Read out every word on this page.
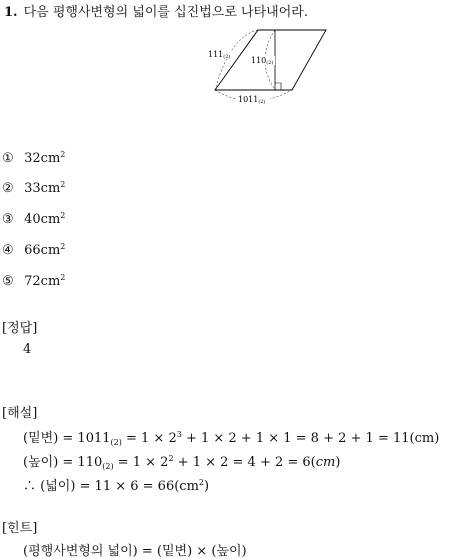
1. 다음 평행사변형의 넓이를 십진법으로 나타내어라.
111(2)	110(2)
1011(2)
① $32cm^2$
② $33cm^2$
③ $40cm^2$
④ $66cm^2$
⑤ $72cm^2$
[정답]
4
[해설]
(밑변) = $1011_{(2)} = 1 \times 2^3 + 1 \times 2 + 1 \times 1 = 8 + 2 + 1 = 11(cm)$
(높이) = $110_{(2)} = 1 \times 2^2 + 1 \times 2 = 4 + 2 = 6(cm)$
∴ (넓이) = $11 \times 6 = 66(cm^2)$
[힌트]
(평행사변형의 넓이) = (밑변) × (높이)
